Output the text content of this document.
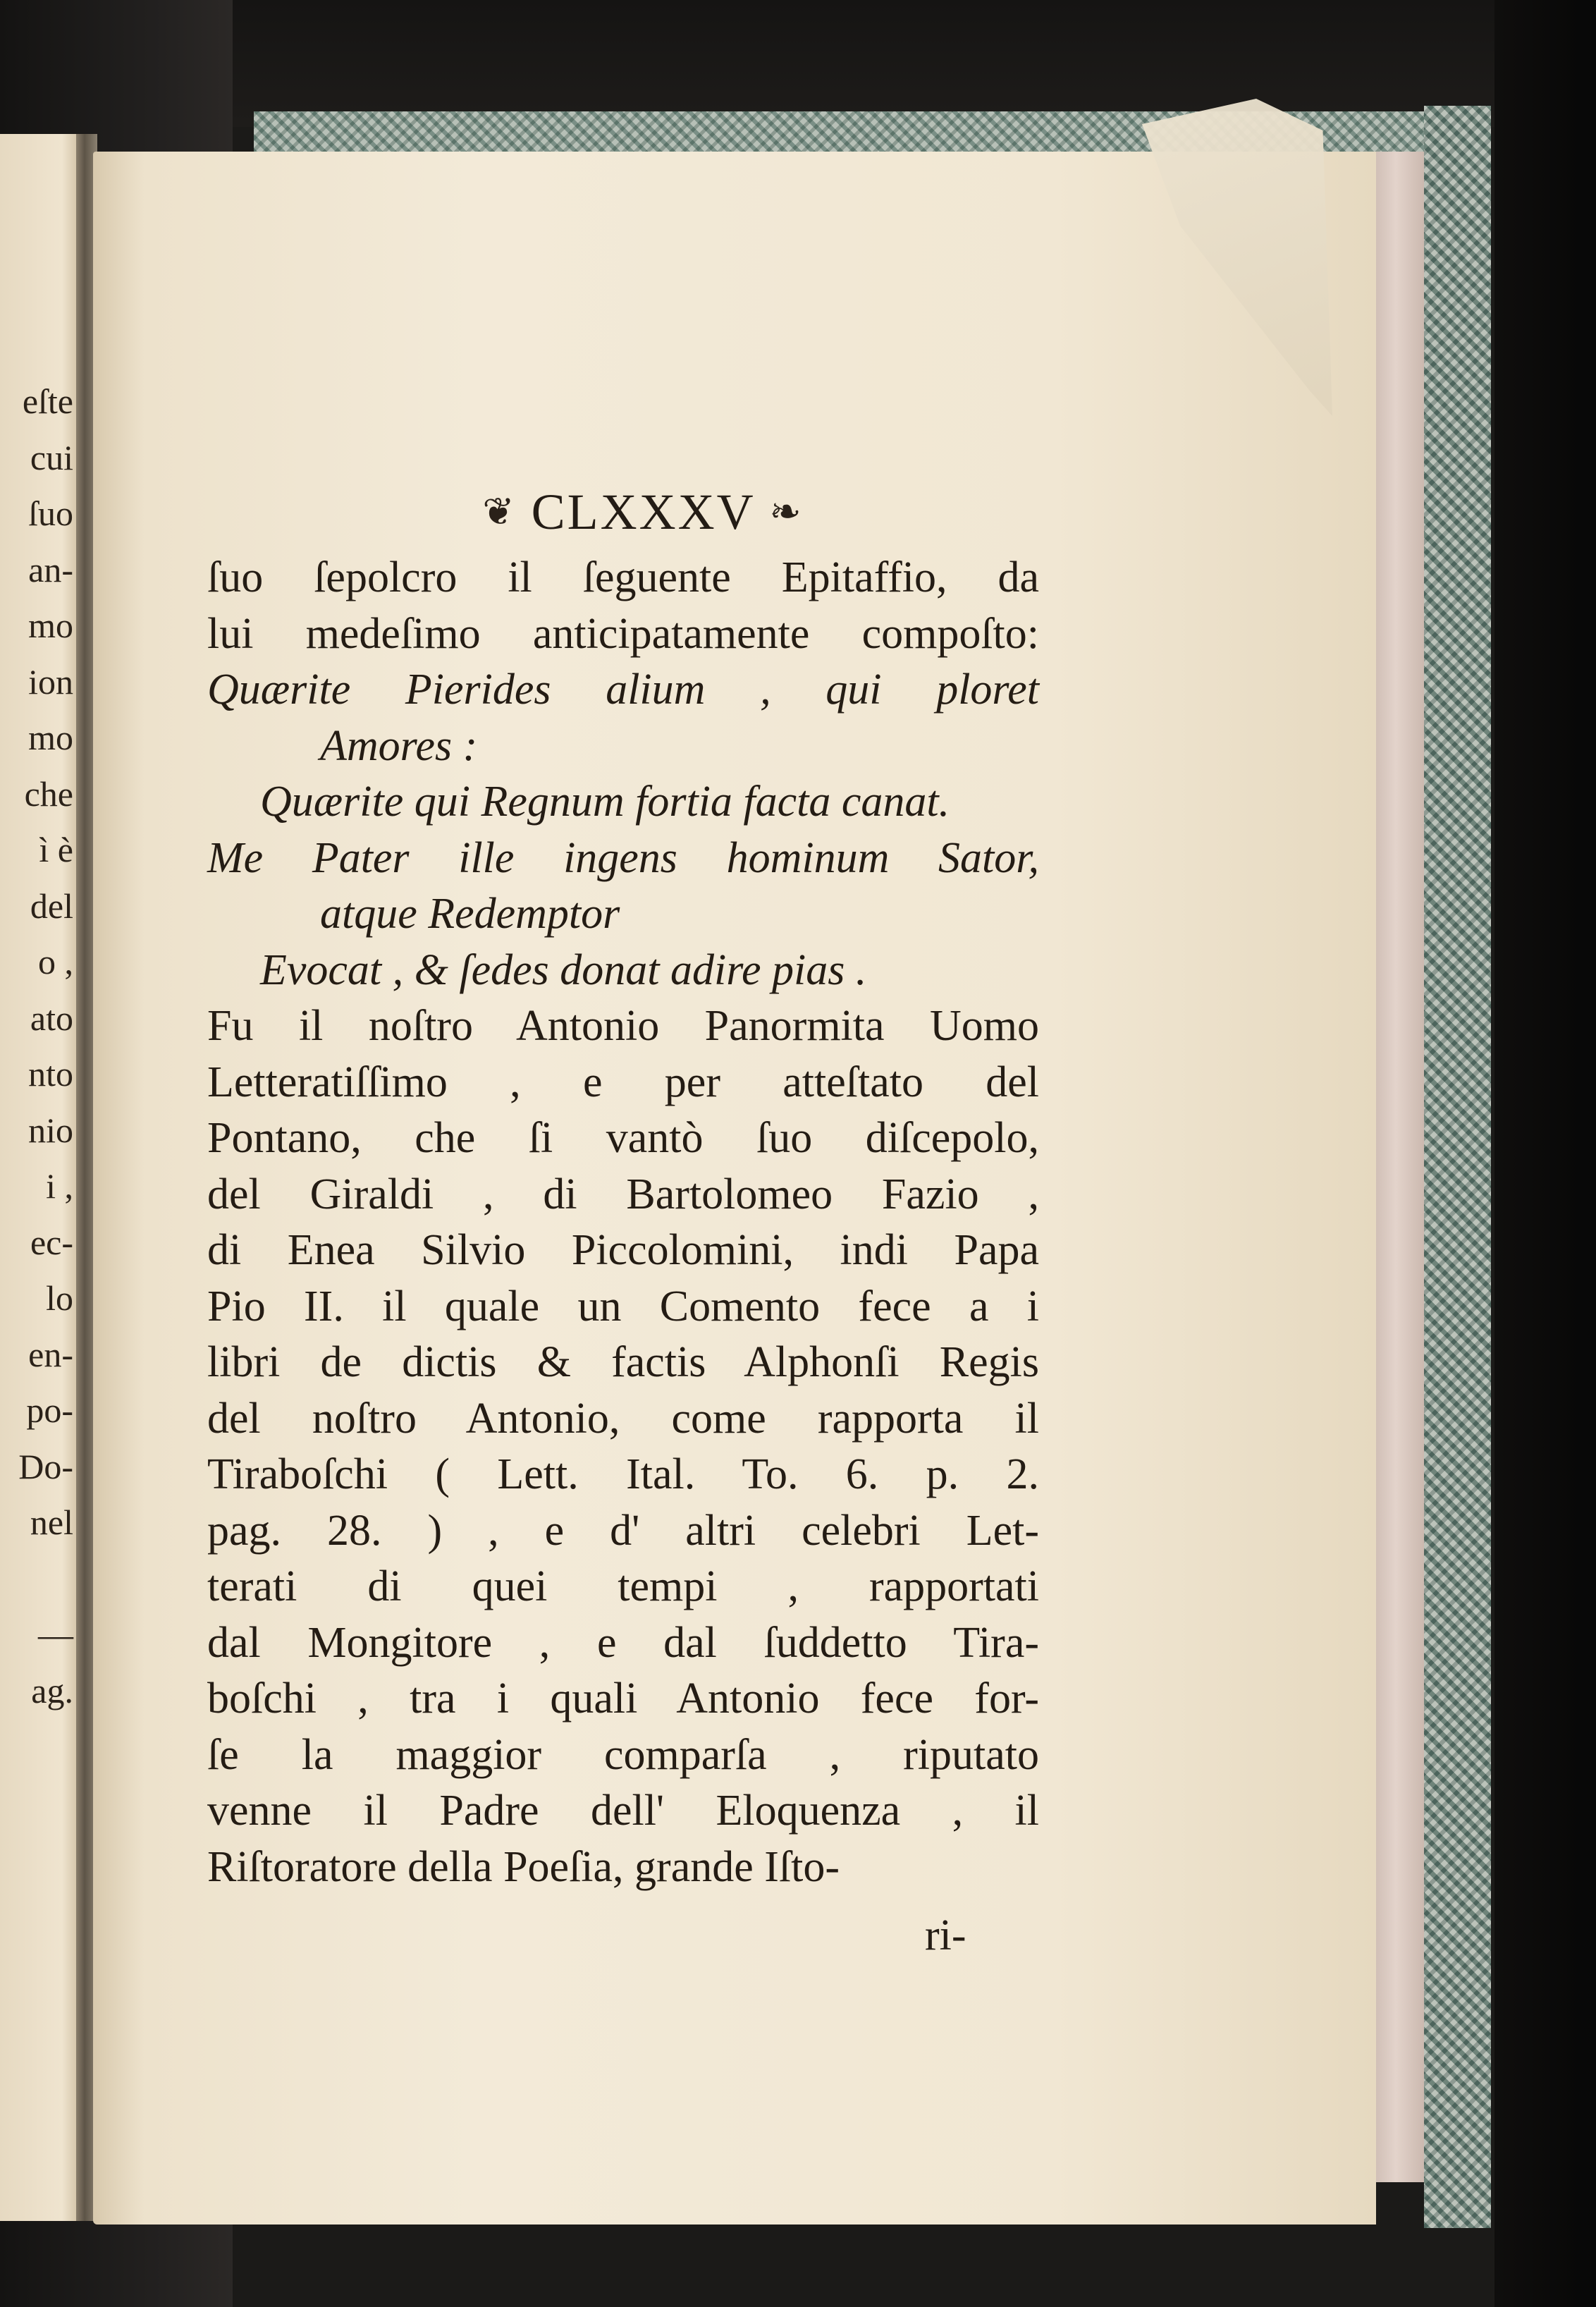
eſte
cui
ſuo
an-
mo
ion
mo
che
ì è
del
o ,
ato
nto
nio
i ,
ec-
lo
en-
po-
Do-
nel
—
ag.
❦ CLXXXV ❧
ſuo ſepolcro il ſeguente Epitaffio, da
lui medeſimo anticipatamente compoſto:
Quærite Pierides alium , qui ploret
Amores :
Quærite qui Regnum fortia facta canat.
Me Pater ille ingens hominum Sator,
atque Redemptor
Evocat , & ſedes donat adire pias .
Fu il noſtro Antonio Panormita Uomo
Letteratiſſimo , e per atteſtato del
Pontano, che ſi vantò ſuo diſcepolo,
del Giraldi , di Bartolomeo Fazio ,
di Enea Silvio Piccolomini, indi Papa
Pio II. il quale un Comento fece a i
libri de dictis & factis Alphonſi Regis
del noſtro Antonio, come rapporta il
Tiraboſchi ( Lett. Ital. To. 6. p. 2.
pag. 28. ) , e d' altri celebri Let-
terati di quei tempi , rapportati
dal Mongitore , e dal ſuddetto Tira-
boſchi , tra i quali Antonio fece for-
ſe la maggior comparſa , riputato
venne il Padre dell' Eloquenza , il
Riſtoratore della Poeſia, grande Iſto-
ri-
